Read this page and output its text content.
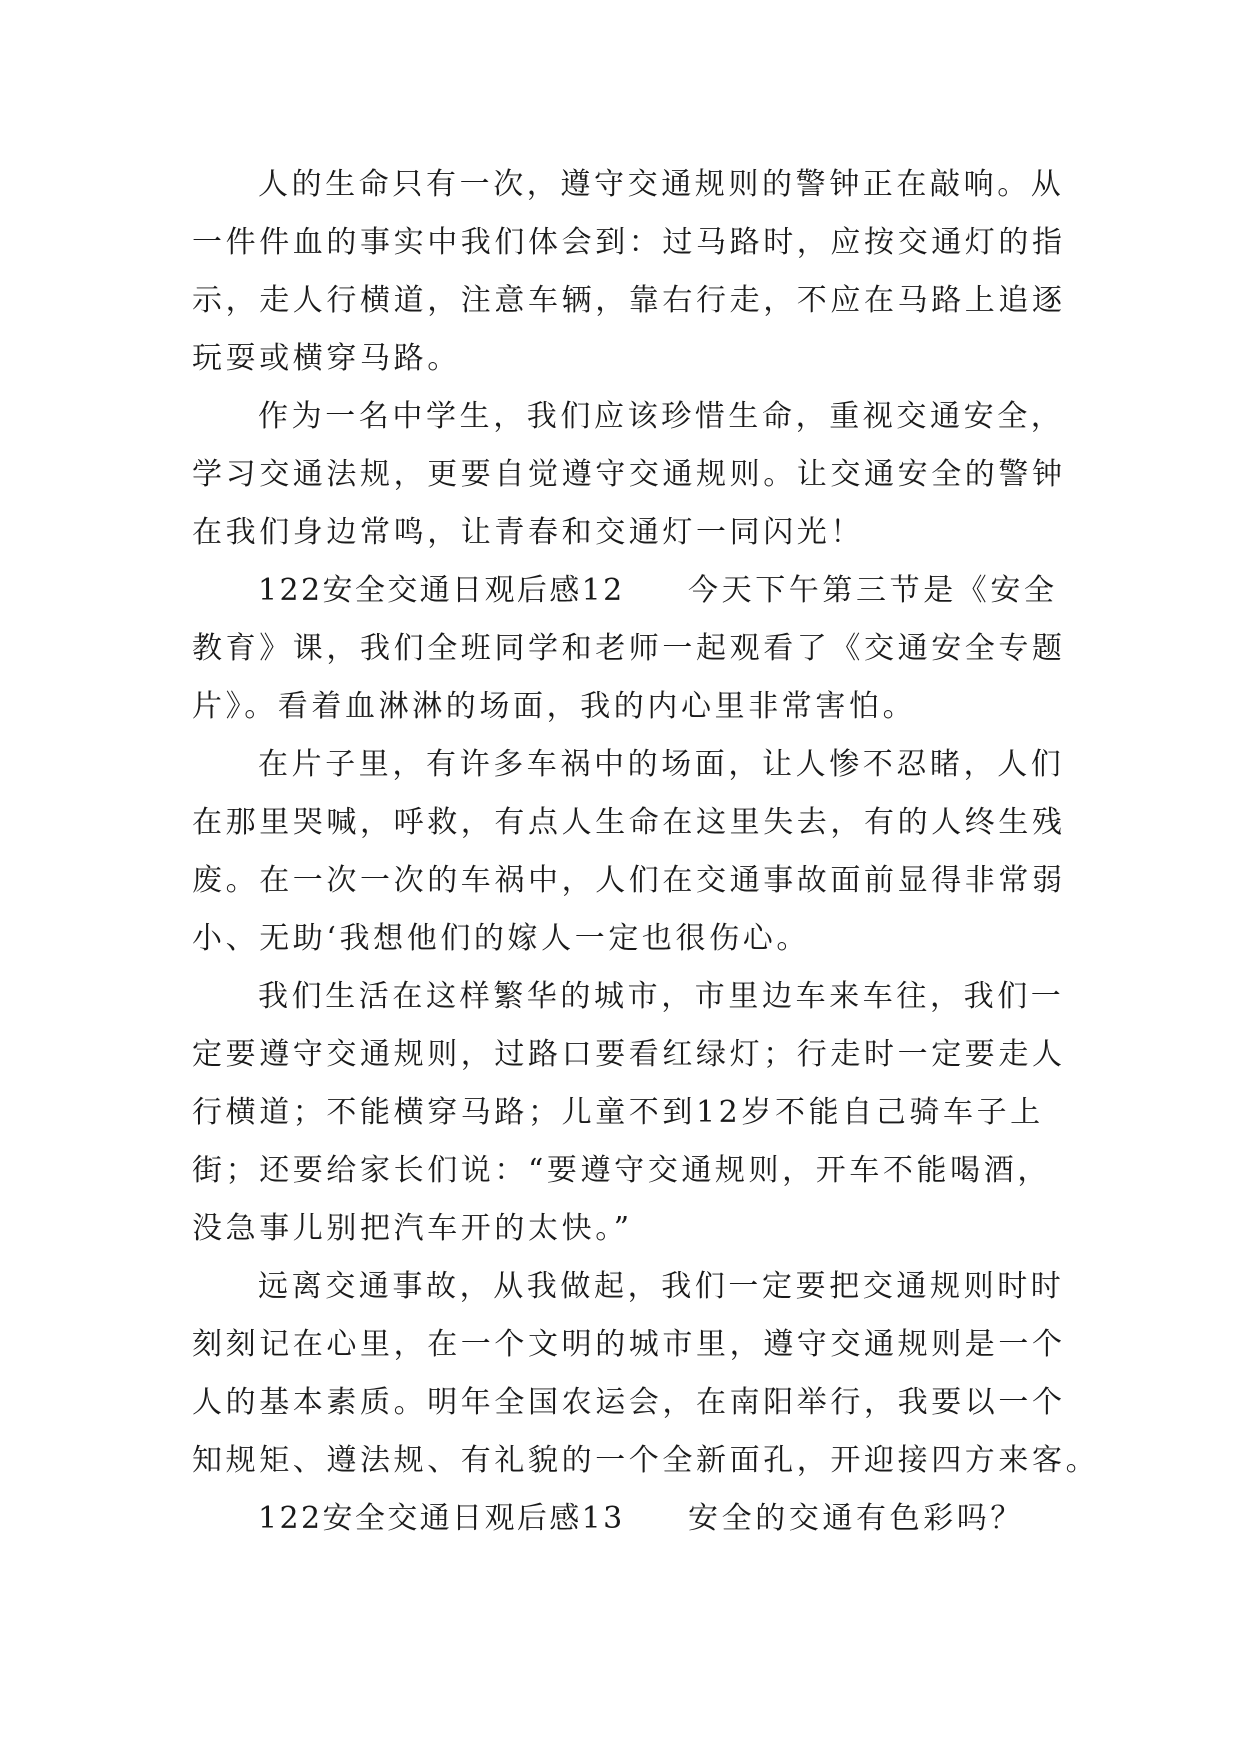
人的生命只有一次，遵守交通规则的警钟正在敲响。从
一件件血的事实中我们体会到：过马路时，应按交通灯的指
示，走人行横道，注意车辆，靠右行走，不应在马路上追逐
玩耍或横穿马路。
作为一名中学生，我们应该珍惜生命，重视交通安全，
学习交通法规，更要自觉遵守交通规则。让交通安全的警钟
在我们身边常鸣，让青春和交通灯一同闪光！
122安全交通日观后感12 今天下午第三节是《安全
教育》课，我们全班同学和老师一起观看了《交通安全专题
片》。看着血淋淋的场面，我的内心里非常害怕。
在片子里，有许多车祸中的场面，让人惨不忍睹，人们
在那里哭喊，呼救，有点人生命在这里失去，有的人终生残
废。在一次一次的车祸中，人们在交通事故面前显得非常弱
小、无助‘我想他们的嫁人一定也很伤心。
我们生活在这样繁华的城市，市里边车来车往，我们一
定要遵守交通规则，过路口要看红绿灯；行走时一定要走人
行横道；不能横穿马路；儿童不到12岁不能自己骑车子上
街；还要给家长们说：“要遵守交通规则，开车不能喝酒，
没急事儿别把汽车开的太快。”
远离交通事故，从我做起，我们一定要把交通规则时时
刻刻记在心里，在一个文明的城市里，遵守交通规则是一个
人的基本素质。明年全国农运会，在南阳举行，我要以一个
知规矩、遵法规、有礼貌的一个全新面孔，开迎接四方来客。
122安全交通日观后感13 安全的交通有色彩吗？
